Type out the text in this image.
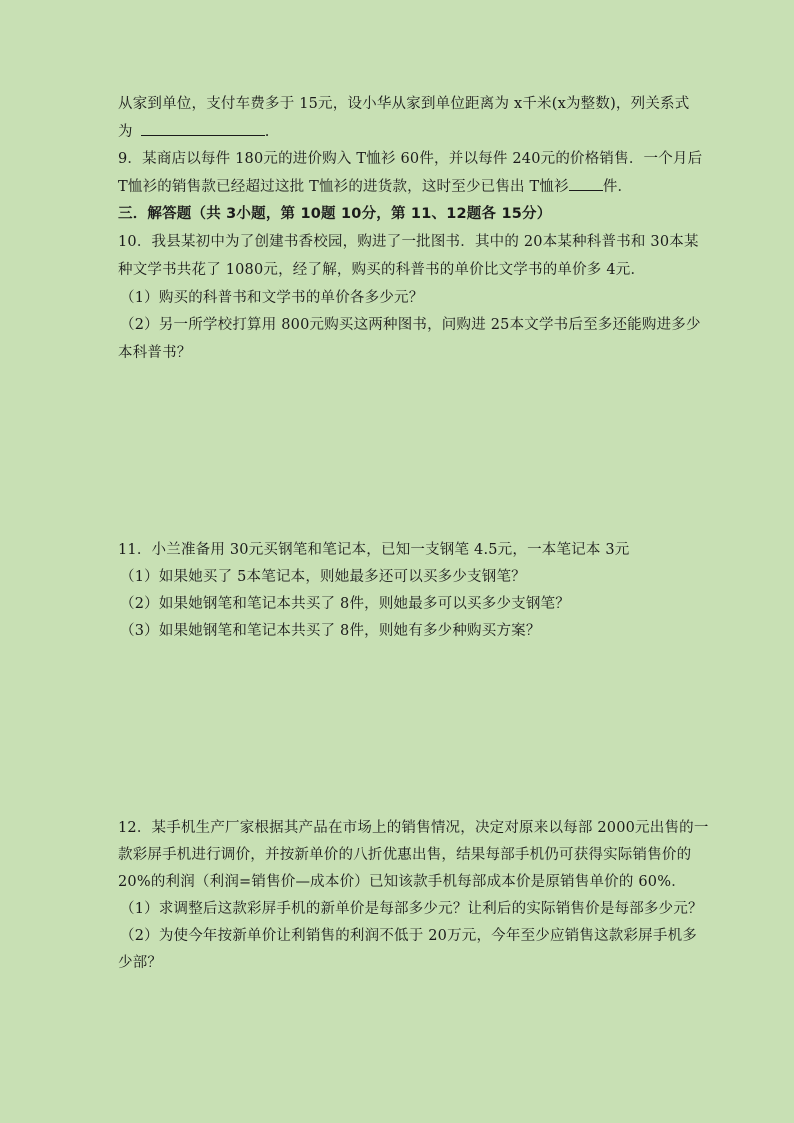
从家到单位，支付车费多于 15元，设小华从家到单位距离为 x千米(x为整数)，列关系式
为	.
9．某商店以每件 180元的进价购入 T恤衫 60件，并以每件 240元的价格销售．一个月后
T恤衫的销售款已经超过这批 T恤衫的进货款，这时至少已售出 T恤衫 件．
三．解答题（共 3小题，第 10题 10分，第 11、12题各 15分）
10．我县某初中为了创建书香校园，购进了一批图书．其中的 20本某种科普书和 30本某
种文学书共花了 1080元，经了解，购买的科普书的单价比文学书的单价多 4元．
（1）购买的科普书和文学书的单价各多少元？
（2）另一所学校打算用 800元购买这两种图书，问购进 25本文学书后至多还能购进多少
本科普书？
11．小兰准备用 30元买钢笔和笔记本，已知一支钢笔 4.5元，一本笔记本 3元
（1）如果她买了 5本笔记本，则她最多还可以买多少支钢笔？
（2）如果她钢笔和笔记本共买了 8件，则她最多可以买多少支钢笔？
（3）如果她钢笔和笔记本共买了 8件，则她有多少种购买方案？
12．某手机生产厂家根据其产品在市场上的销售情况，决定对原来以每部 2000元出售的一
款彩屏手机进行调价，并按新单价的八折优惠出售，结果每部手机仍可获得实际销售价的
20%的利润（利润=销售价—成本价）已知该款手机每部成本价是原销售单价的 60%．
（1）求调整后这款彩屏手机的新单价是每部多少元？让利后的实际销售价是每部多少元？
（2）为使今年按新单价让利销售的利润不低于 20万元，今年至少应销售这款彩屏手机多
少部？
